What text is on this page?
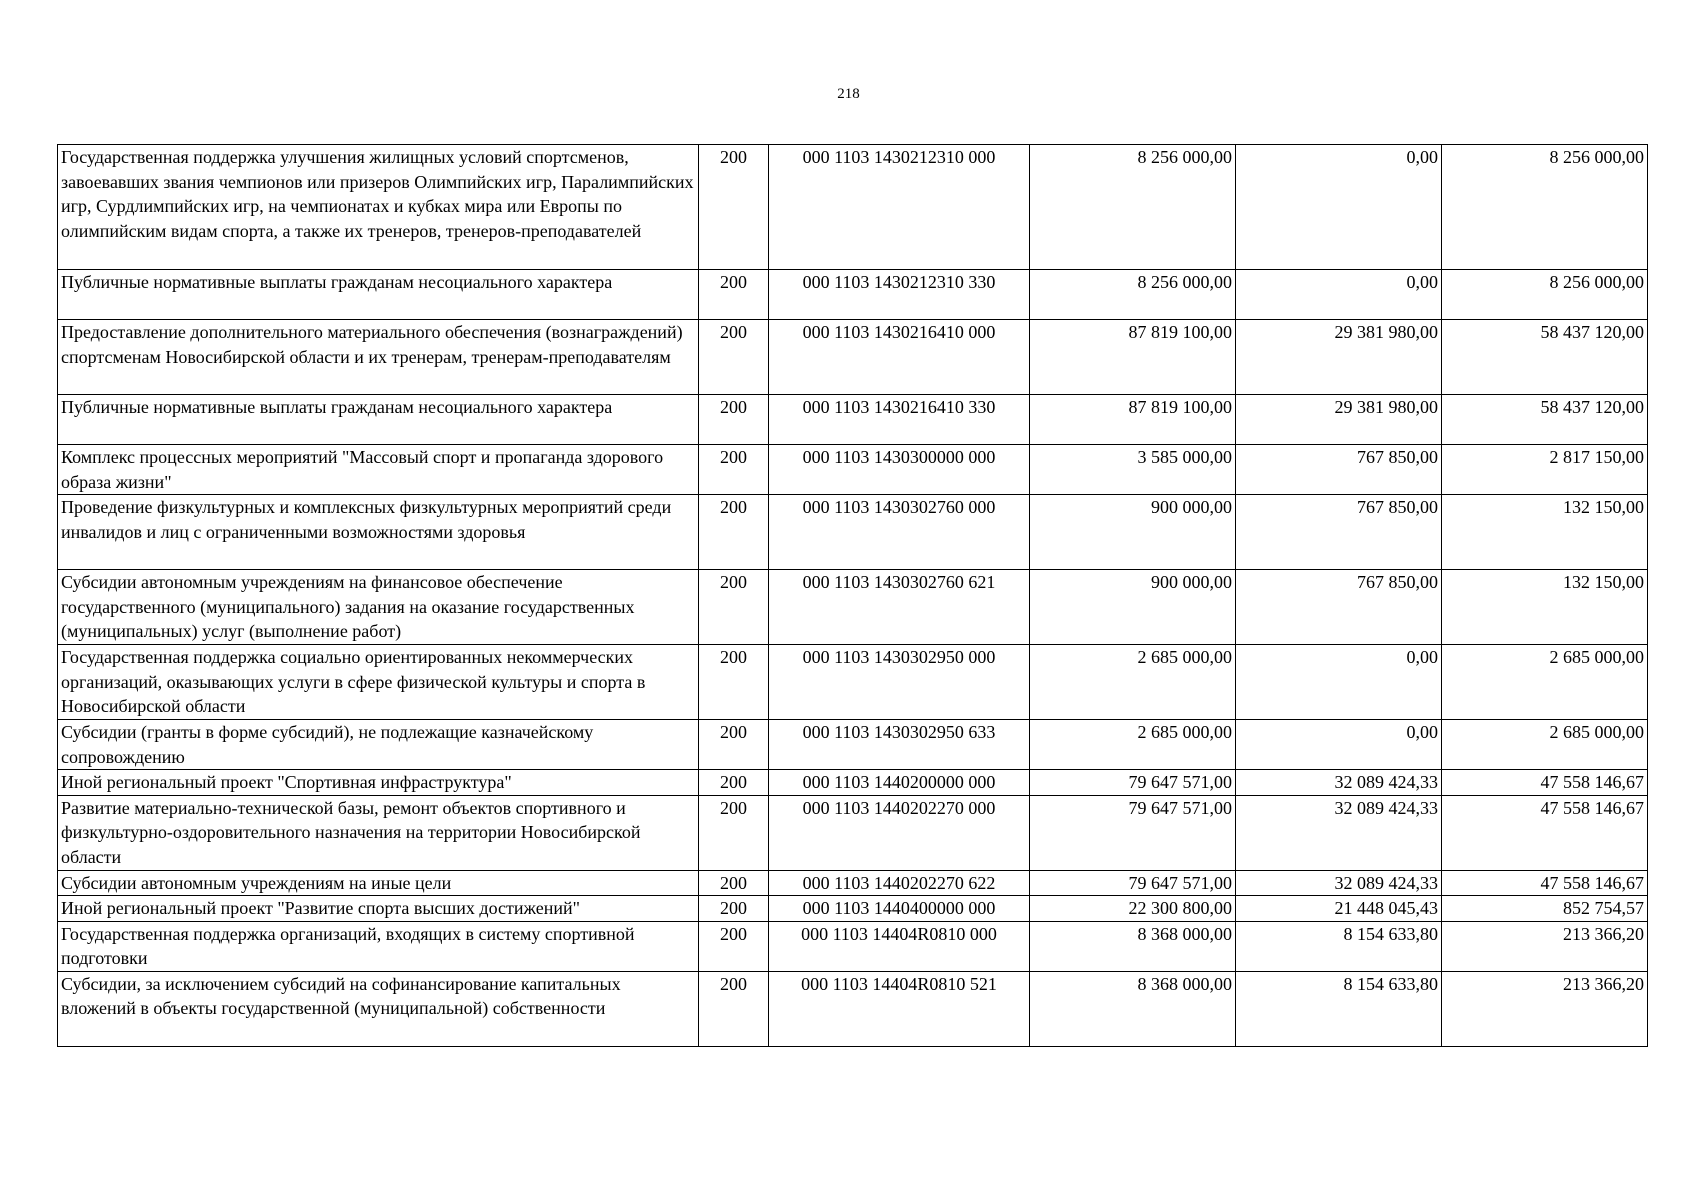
218
Государственная поддержка улучшения жилищных условий спортсменов, завоевавших звания чемпионов или призеров Олимпийских игр, Паралимпийских игр, Сурдлимпийских игр, на чемпионатах и кубках мира или Европы по олимпийским видам спорта, а также их тренеров, тренеров-преподавателей	200	000 1103 1430212310 000	8 256 000,00	0,00	8 256 000,00
Публичные нормативные выплаты гражданам несоциального характера	200	000 1103 1430212310 330	8 256 000,00	0,00	8 256 000,00
Предоставление дополнительного материального обеспечения (вознаграждений) спортсменам Новосибирской области и их тренерам, тренерам-преподавателям	200	000 1103 1430216410 000	87 819 100,00	29 381 980,00	58 437 120,00
Публичные нормативные выплаты гражданам несоциального характера	200	000 1103 1430216410 330	87 819 100,00	29 381 980,00	58 437 120,00
Комплекс процессных мероприятий "Массовый спорт и пропаганда здорового образа жизни"	200	000 1103 1430300000 000	3 585 000,00	767 850,00	2 817 150,00
Проведение физкультурных и комплексных физкультурных мероприятий среди инвалидов и лиц с ограниченными возможностями здоровья	200	000 1103 1430302760 000	900 000,00	767 850,00	132 150,00
Субсидии автономным учреждениям на финансовое обеспечение государственного (муниципального) задания на оказание государственных (муниципальных) услуг (выполнение работ)	200	000 1103 1430302760 621	900 000,00	767 850,00	132 150,00
Государственная поддержка социально ориентированных некоммерческих организаций, оказывающих услуги в сфере физической культуры и спорта в Новосибирской области	200	000 1103 1430302950 000	2 685 000,00	0,00	2 685 000,00
Субсидии (гранты в форме субсидий), не подлежащие казначейскому сопровождению	200	000 1103 1430302950 633	2 685 000,00	0,00	2 685 000,00
Иной региональный проект "Спортивная инфраструктура"	200	000 1103 1440200000 000	79 647 571,00	32 089 424,33	47 558 146,67
Развитие материально-технической базы, ремонт объектов спортивного и физкультурно-оздоровительного назначения на территории Новосибирской области	200	000 1103 1440202270 000	79 647 571,00	32 089 424,33	47 558 146,67
Субсидии автономным учреждениям на иные цели	200	000 1103 1440202270 622	79 647 571,00	32 089 424,33	47 558 146,67
Иной региональный проект "Развитие спорта высших достижений"	200	000 1103 1440400000 000	22 300 800,00	21 448 045,43	852 754,57
Государственная поддержка организаций, входящих в систему спортивной подготовки	200	000 1103 14404R0810 000	8 368 000,00	8 154 633,80	213 366,20
Субсидии, за исключением субсидий на софинансирование капитальных вложений в объекты государственной (муниципальной) собственности	200	000 1103 14404R0810 521	8 368 000,00	8 154 633,80	213 366,20
